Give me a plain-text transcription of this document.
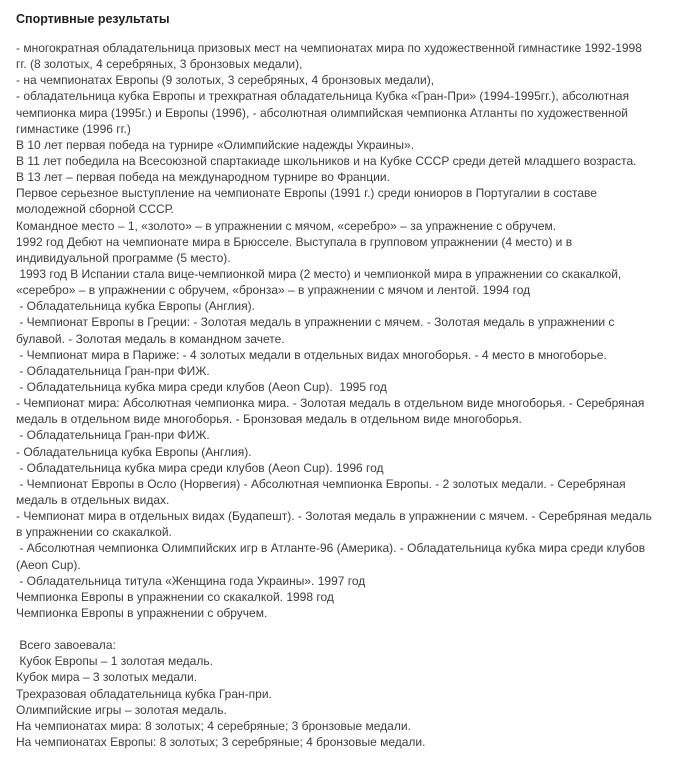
Спортивные результаты
- многократная обладательница призовых мест на чемпионатах мира по художественной гимнастике 1992-1998
гг. (8 золотых, 4 серебряных, 3 бронзовых медали),
- на чемпионатах Европы (9 золотых, 3 серебряных, 4 бронзовых медали),
- обладательница кубка Европы и трехкратная обладательница Кубка «Гран-При» (1994-1995гг.), абсолютная
чемпионка мира (1995г.) и Европы (1996), - абсолютная олимпийская чемпионка Атланты по художественной
гимнастике (1996 гг.)
В 10 лет первая победа на турнире «Олимпийские надежды Украины».
В 11 лет победила на Всесоюзной спартакиаде школьников и на Кубке СССР среди детей младшего возраста.
В 13 лет – первая победа на международном турнире во Франции.
Первое серьезное выступление на чемпионате Европы (1991 г.) среди юниоров в Португалии в составе
молодежной сборной СССР.
Командное место – 1, «золото» – в упражнении с мячом, «серебро» – за упражнение с обручем.
1992 год Дебют на чемпионате мира в Брюсселе. Выступала в групповом упражнении (4 место) и в
индивидуальной программе (5 место).
1993 год В Испании стала вице-чемпионкой мира (2 место) и чемпионкой мира в упражнении со скакалкой,
«серебро» – в упражнении с обручем, «бронза» – в упражнении с мячом и лентой. 1994 год
- Обладательница кубка Европы (Англия).
- Чемпионат Европы в Греции: - Золотая медаль в упражнении с мячем. - Золотая медаль в упражнении с
булавой. - Золотая медаль в командном зачете.
- Чемпионат мира в Париже: - 4 золотых медали в отдельных видах многоборья. - 4 место в многоборье.
- Обладательница Гран-при ФИЖ.
- Обладательница кубка мира среди клубов (Aeon Cup).  1995 год
- Чемпионат мира: Абсолютная чемпионка мира. - Золотая медаль в отдельном виде многоборья. - Серебряная
медаль в отдельном виде многоборья. - Бронзовая медаль в отдельном виде многоборья.
- Обладательница Гран-при ФИЖ.
- Обладательница кубка Европы (Англия).
- Обладательница кубка мира среди клубов (Aeon Cup). 1996 год
- Чемпионат Европы в Осло (Норвегия) - Абсолютная чемпионка Европы. - 2 золотых медали. - Серебряная
медаль в отдельных видах.
- Чемпионат мира в отдельных видах (Будапешт). - Золотая медаль в упражнении с мячем. - Серебряная медаль
в упражнении со скакалкой.
- Абсолютная чемпионка Олимпийских игр в Атланте-96 (Америка). - Обладательница кубка мира среди клубов
(Aeon Cup).
- Обладательница титула «Женщина года Украины». 1997 год
Чемпионка Европы в упражнении со скакалкой. 1998 год
Чемпионка Европы в упражнении с обручем.
Всего завоевала:
Кубок Европы – 1 золотая медаль.
Кубок мира – 3 золотых медали.
Трехразовая обладательница кубка Гран-при.
Олимпийские игры – золотая медаль.
На чемпионатах мира: 8 золотых; 4 серебряные; 3 бронзовые медали.
На чемпионатах Европы: 8 золотых; 3 серебряные; 4 бронзовые медали.
